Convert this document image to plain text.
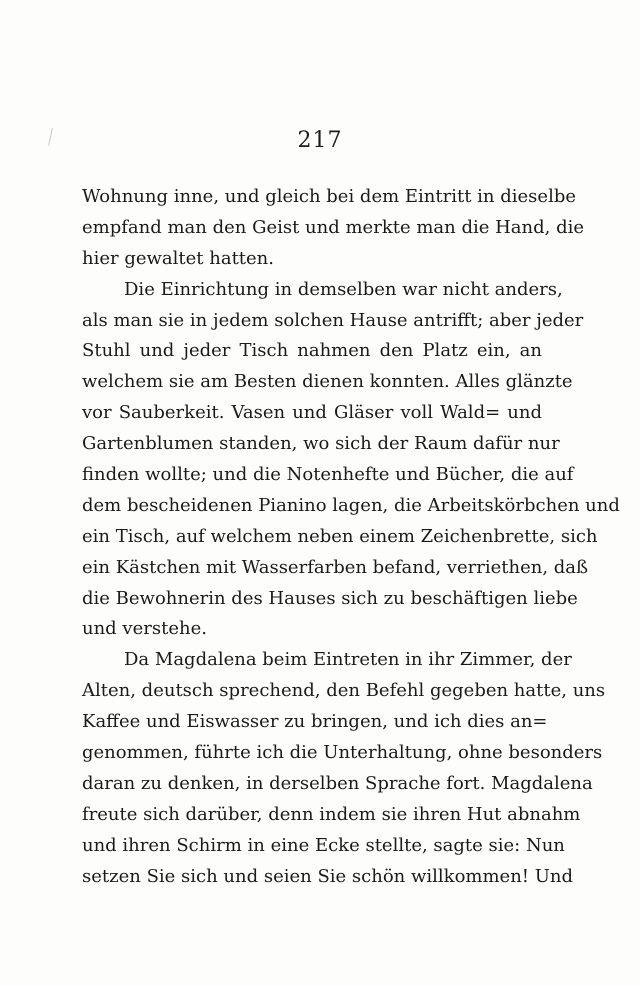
217
Wohnung inne, und gleich bei dem Eintritt in dieselbe
empfand man den Geist und merkte man die Hand, die
hier gewaltet hatten.
Die Einrichtung in demselben war nicht anders,
als man sie in jedem solchen Hause antrifft; aber jeder
Stuhl und jeder Tisch nahmen den Platz ein, an
welchem sie am Besten dienen konnten. Alles glänzte
vor Sauberkeit. Vasen und Gläser voll Wald= und
Gartenblumen standen, wo sich der Raum dafür nur
finden wollte; und die Notenhefte und Bücher, die auf
dem bescheidenen Pianino lagen, die Arbeitskörbchen und
ein Tisch, auf welchem neben einem Zeichenbrette, sich
ein Kästchen mit Wasserfarben befand, verriethen, daß
die Bewohnerin des Hauses sich zu beschäftigen liebe
und verstehe.
Da Magdalena beim Eintreten in ihr Zimmer, der
Alten, deutsch sprechend, den Befehl gegeben hatte, uns
Kaffee und Eiswasser zu bringen, und ich dies an=
genommen, führte ich die Unterhaltung, ohne besonders
daran zu denken, in derselben Sprache fort. Magdalena
freute sich darüber, denn indem sie ihren Hut abnahm
und ihren Schirm in eine Ecke stellte, sagte sie: Nun
setzen Sie sich und seien Sie schön willkommen! Und
